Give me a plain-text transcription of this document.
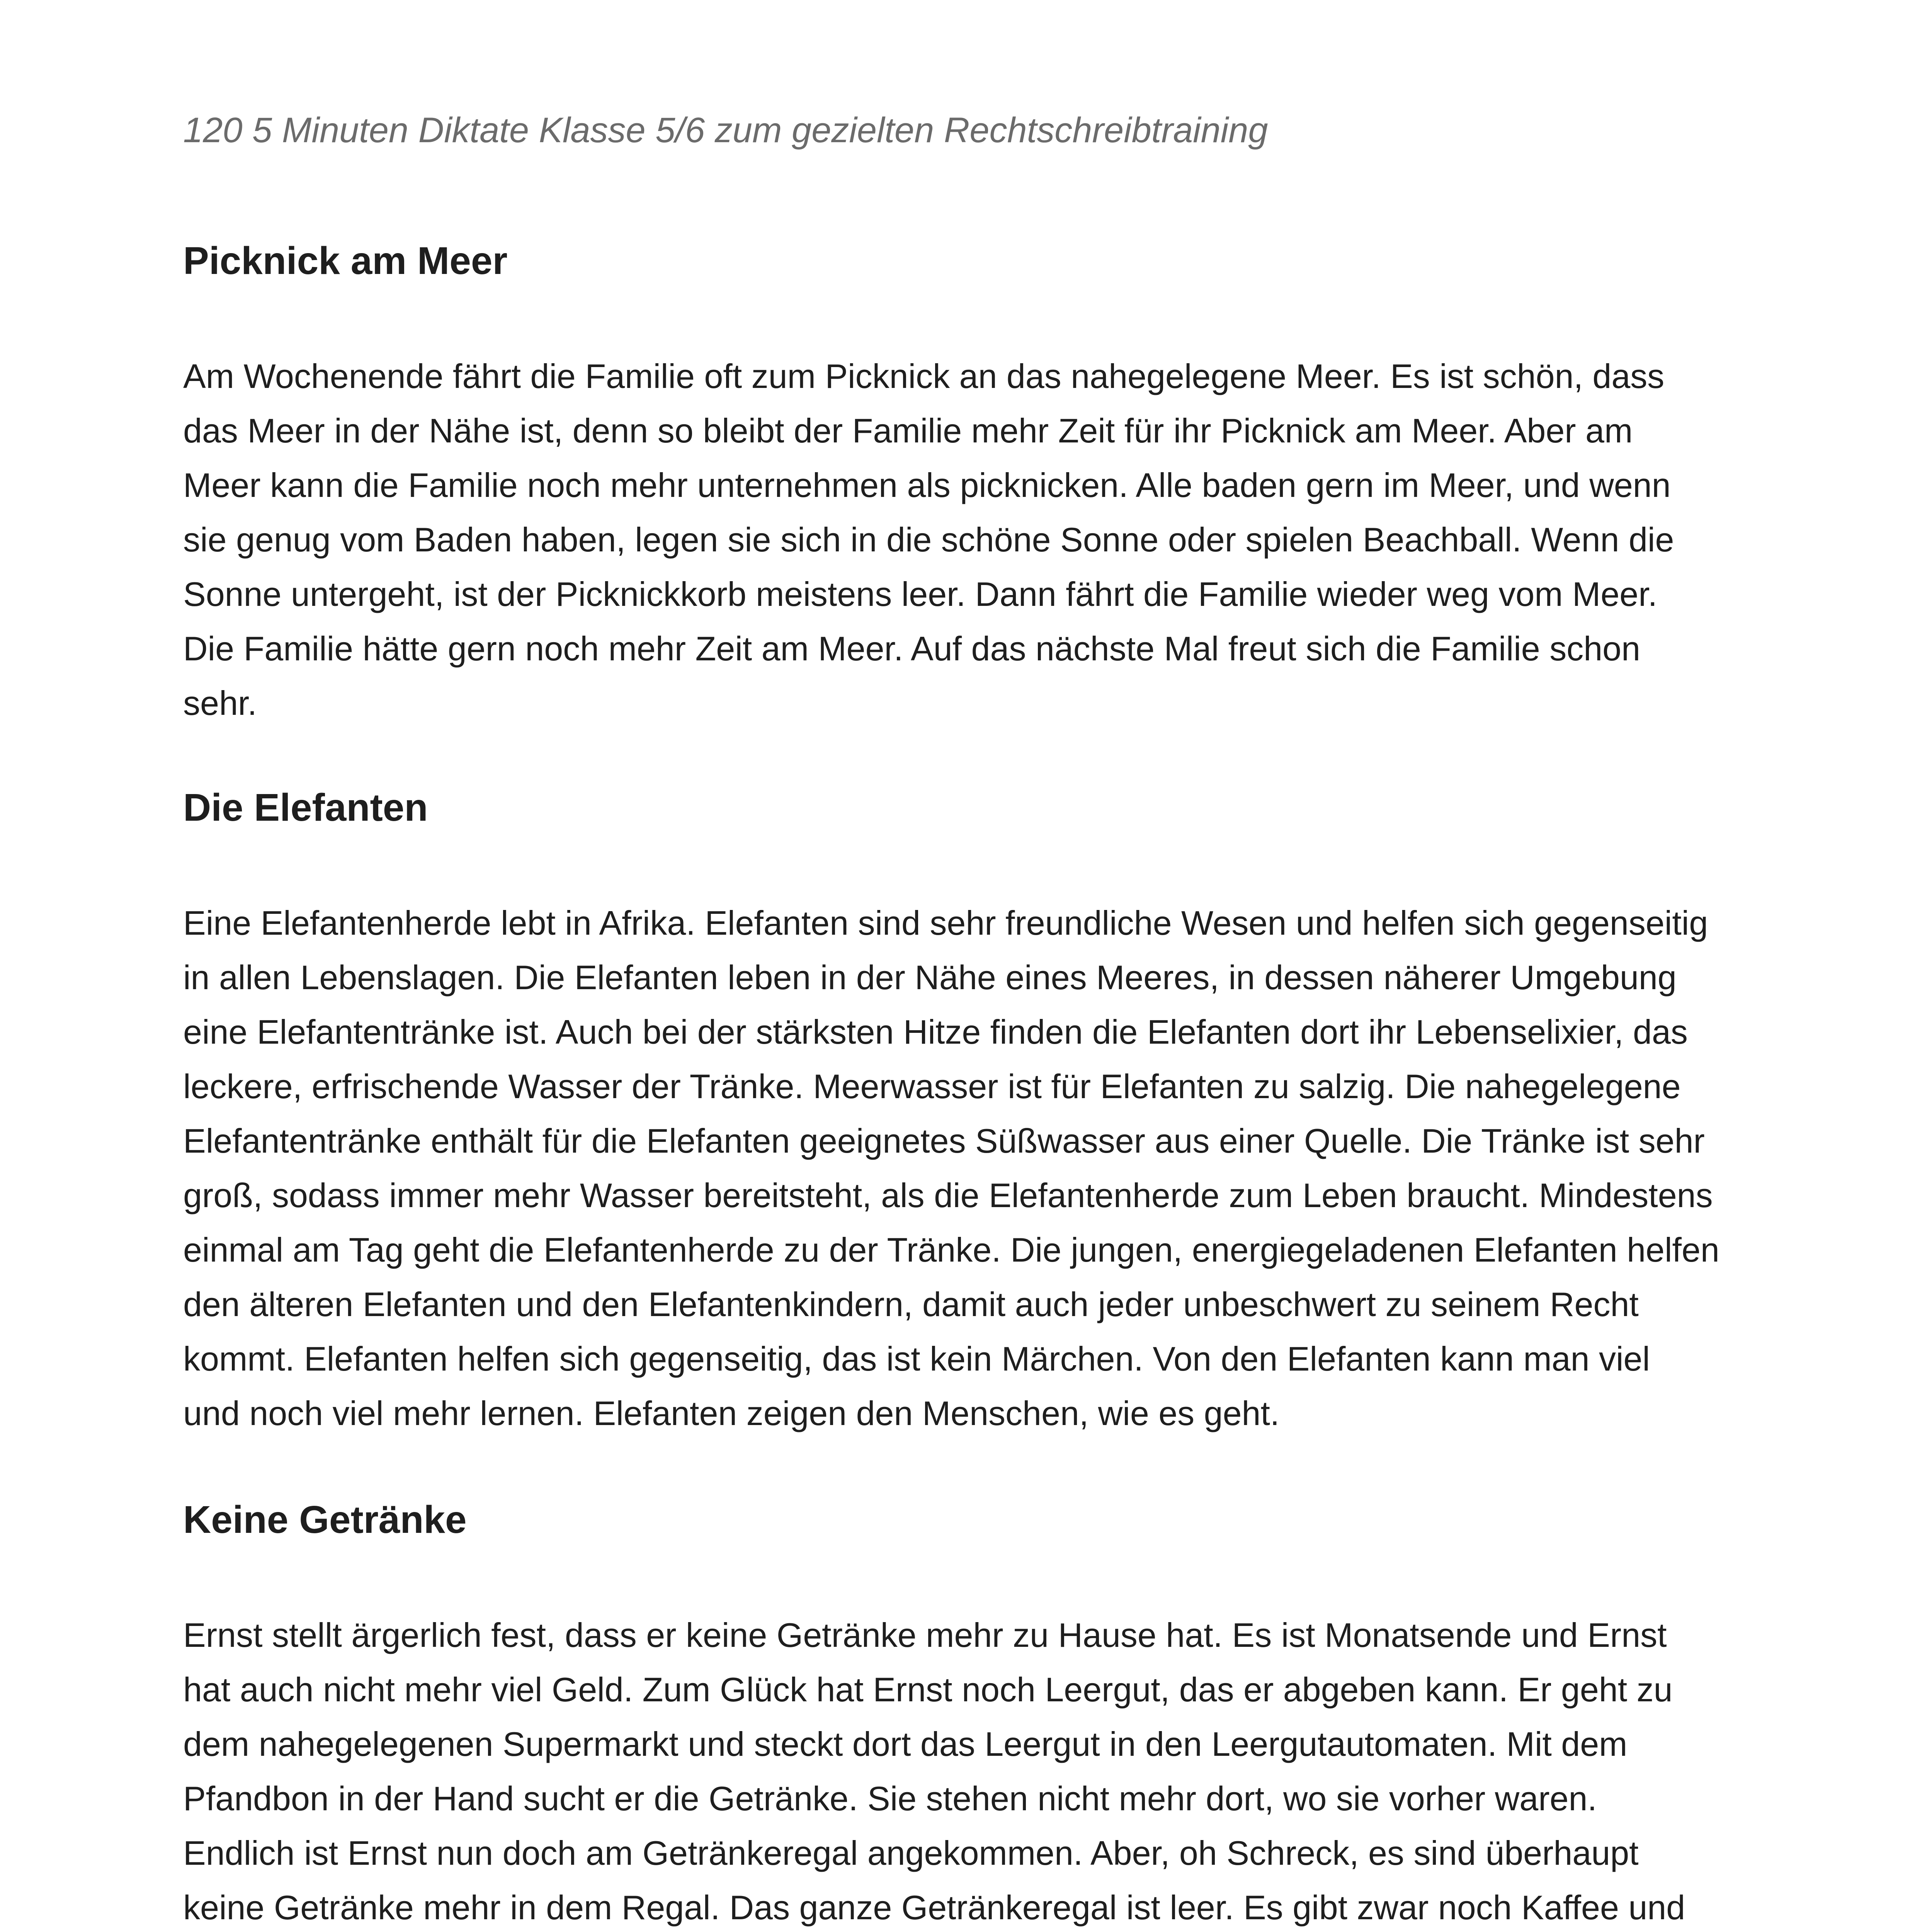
120 5 Minuten Diktate Klasse 5/6 zum gezielten Rechtschreibtraining
Picknick am Meer

Am Wochenende fährt die Familie oft zum Picknick an das nahegelegene Meer. Es ist schön, dass
das Meer in der Nähe ist, denn so bleibt der Familie mehr Zeit für ihr Picknick am Meer. Aber am
Meer kann die Familie noch mehr unternehmen als picknicken. Alle baden gern im Meer, und wenn
sie genug vom Baden haben, legen sie sich in die schöne Sonne oder spielen Beachball. Wenn die
Sonne untergeht, ist der Picknickkorb meistens leer. Dann fährt die Familie wieder weg vom Meer.
Die Familie hätte gern noch mehr Zeit am Meer. Auf das nächste Mal freut sich die Familie schon
sehr.

Die Elefanten

Eine Elefantenherde lebt in Afrika. Elefanten sind sehr freundliche Wesen und helfen sich gegenseitig
in allen Lebenslagen. Die Elefanten leben in der Nähe eines Meeres, in dessen näherer Umgebung
eine Elefantentränke ist. Auch bei der stärksten Hitze finden die Elefanten dort ihr Lebenselixier, das
leckere, erfrischende Wasser der Tränke. Meerwasser ist für Elefanten zu salzig. Die nahegelegene
Elefantentränke enthält für die Elefanten geeignetes Süßwasser aus einer Quelle. Die Tränke ist sehr
groß, sodass immer mehr Wasser bereitsteht, als die Elefantenherde zum Leben braucht. Mindestens
einmal am Tag geht die Elefantenherde zu der Tränke. Die jungen, energiegeladenen Elefanten helfen
den älteren Elefanten und den Elefantenkindern, damit auch jeder unbeschwert zu seinem Recht
kommt. Elefanten helfen sich gegenseitig, das ist kein Märchen. Von den Elefanten kann man viel
und noch viel mehr lernen. Elefanten zeigen den Menschen, wie es geht.

Keine Getränke

Ernst stellt ärgerlich fest, dass er keine Getränke mehr zu Hause hat. Es ist Monatsende und Ernst
hat auch nicht mehr viel Geld. Zum Glück hat Ernst noch Leergut, das er abgeben kann. Er geht zu
dem nahegelegenen Supermarkt und steckt dort das Leergut in den Leergutautomaten. Mit dem
Pfandbon in der Hand sucht er die Getränke. Sie stehen nicht mehr dort, wo sie vorher waren.
Endlich ist Ernst nun doch am Getränkeregal angekommen. Aber, oh Schreck, es sind überhaupt
keine Getränke mehr in dem Regal. Das ganze Getränkeregal ist leer. Es gibt zwar noch Kaffee und
